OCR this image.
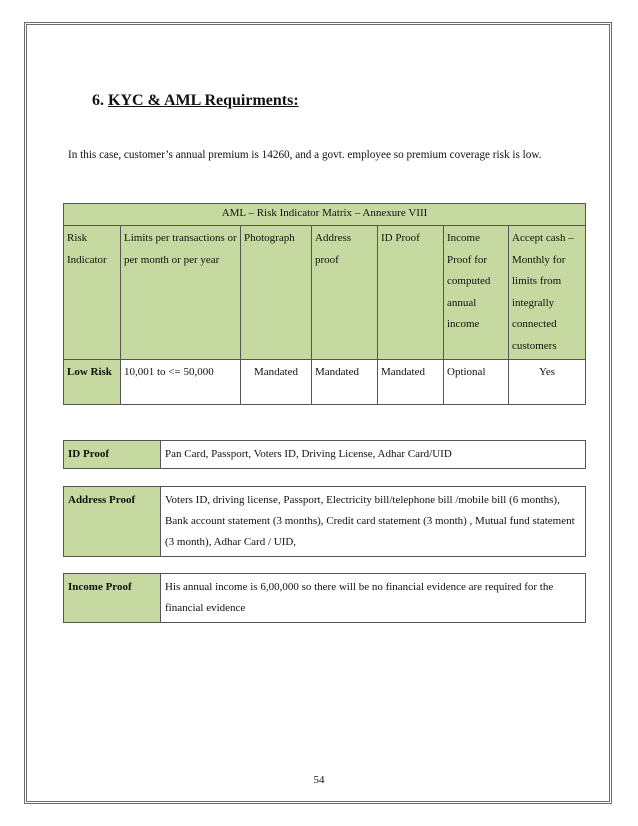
6. KYC & AML Requirments:

In this case, customer’s annual premium is 14260, and a govt. employee so premium coverage risk is low.

AML – Risk Indicator Matrix – Annexure VIII						
Risk Indicator	Limits per transactions or per month or per year	Photograph	Address proof	ID Proof	Income Proof for computed annual income	Accept cash – Monthly for limits from integrally connected customers
Low Risk	10,001 to <= 50,000	Mandated	Mandated	Mandated	Optional	Yes
ID Proof	Pan Card, Passport, Voters ID, Driving License, Adhar Card/UID
Address Proof	Voters ID, driving license, Passport, Electricity bill/telephone bill /mobile bill (6 months), Bank account statement (3 months), Credit card statement (3 month) , Mutual fund statement (3 month), Adhar Card / UID,
Income Proof	His annual income is 6,00,000 so there will be no financial evidence are required for the financial evidence
54
